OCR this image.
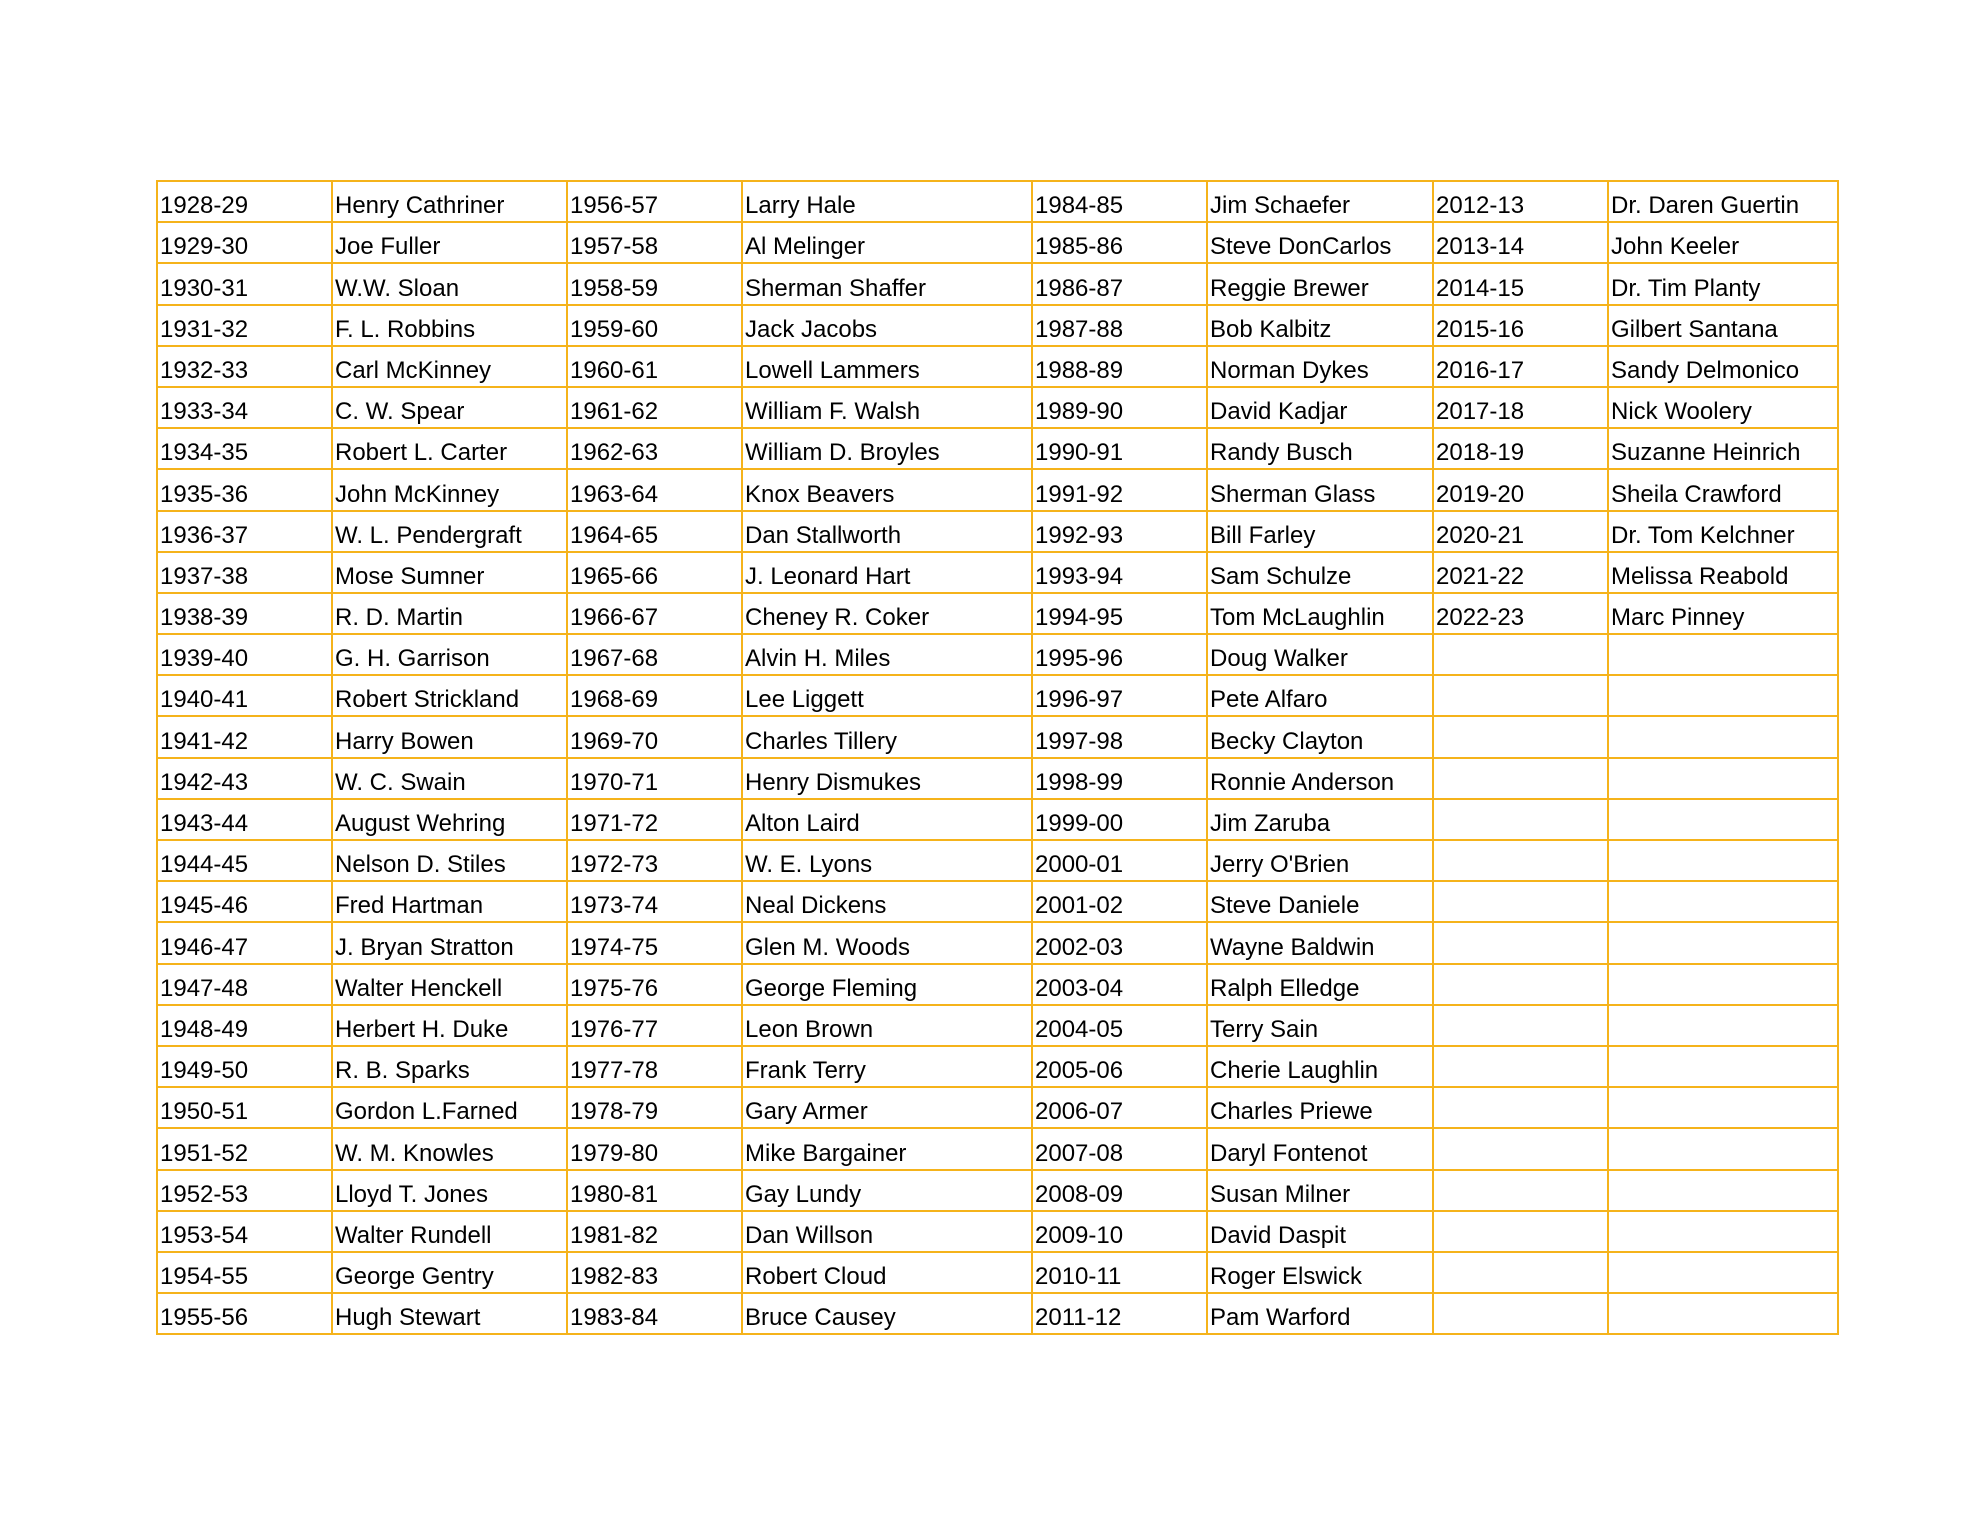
1928-29	Henry Cathriner	1956-57	Larry Hale	1984-85	Jim Schaefer	2012-13	Dr. Daren Guertin
1929-30	Joe Fuller	1957-58	Al Melinger	1985-86	Steve DonCarlos	2013-14	John Keeler
1930-31	W.W. Sloan	1958-59	Sherman Shaffer	1986-87	Reggie Brewer	2014-15	Dr. Tim Planty
1931-32	F. L. Robbins	1959-60	Jack Jacobs	1987-88	Bob Kalbitz	2015-16	Gilbert Santana
1932-33	Carl McKinney	1960-61	Lowell Lammers	1988-89	Norman Dykes	2016-17	Sandy Delmonico
1933-34	C. W. Spear	1961-62	William F. Walsh	1989-90	David Kadjar	2017-18	Nick Woolery
1934-35	Robert L. Carter	1962-63	William D. Broyles	1990-91	Randy Busch	2018-19	Suzanne Heinrich
1935-36	John McKinney	1963-64	Knox Beavers	1991-92	Sherman Glass	2019-20	Sheila Crawford
1936-37	W. L. Pendergraft	1964-65	Dan Stallworth	1992-93	Bill Farley	2020-21	Dr. Tom Kelchner
1937-38	Mose Sumner	1965-66	J. Leonard Hart	1993-94	Sam Schulze	2021-22	Melissa Reabold
1938-39	R. D. Martin	1966-67	Cheney R. Coker	1994-95	Tom McLaughlin	2022-23	Marc Pinney
1939-40	G. H. Garrison	1967-68	Alvin H. Miles	1995-96	Doug Walker		
1940-41	Robert Strickland	1968-69	Lee Liggett	1996-97	Pete Alfaro		
1941-42	Harry Bowen	1969-70	Charles Tillery	1997-98	Becky Clayton		
1942-43	W. C. Swain	1970-71	Henry Dismukes	1998-99	Ronnie Anderson		
1943-44	August Wehring	1971-72	Alton Laird	1999-00	Jim Zaruba		
1944-45	Nelson D. Stiles	1972-73	W. E. Lyons	2000-01	Jerry O'Brien		
1945-46	Fred Hartman	1973-74	Neal Dickens	2001-02	Steve Daniele		
1946-47	J. Bryan Stratton	1974-75	Glen M. Woods	2002-03	Wayne Baldwin		
1947-48	Walter Henckell	1975-76	George Fleming	2003-04	Ralph Elledge		
1948-49	Herbert H. Duke	1976-77	Leon Brown	2004-05	Terry Sain		
1949-50	R. B. Sparks	1977-78	Frank Terry	2005-06	Cherie Laughlin		
1950-51	Gordon L.Farned	1978-79	Gary Armer	2006-07	Charles Priewe		
1951-52	W. M. Knowles	1979-80	Mike Bargainer	2007-08	Daryl Fontenot		
1952-53	Lloyd T. Jones	1980-81	Gay Lundy	2008-09	Susan Milner		
1953-54	Walter Rundell	1981-82	Dan Willson	2009-10	David Daspit		
1954-55	George Gentry	1982-83	Robert Cloud	2010-11	Roger Elswick		
1955-56	Hugh Stewart	1983-84	Bruce Causey	2011-12	Pam Warford		
